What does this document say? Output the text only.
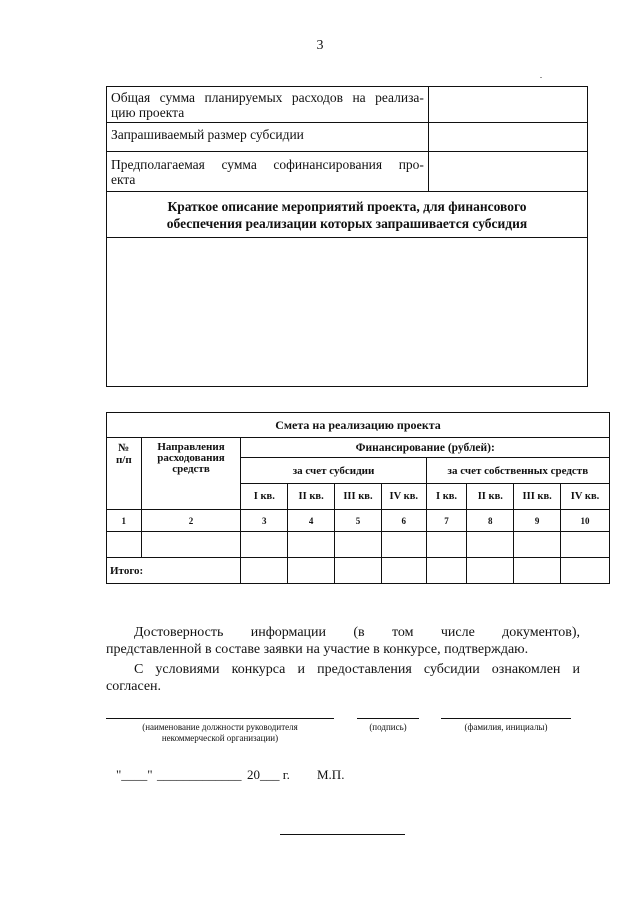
3
Общая сумма планируемых расходов на реализа-
цию проекта	

Запрашиваемый размер субсидии	

Предполагаемая сумма софинансирования про-
екта	

Краткое описание мероприятий проекта, для финансового
обеспечения реализации которых запрашивается субсидия	

Смета на реализацию проекта									
№
п/п	Направления
расходования
средств	Финансирование (рублей):							
		за счет субсидии				за счет собственных средств			
		I кв.	II кв.	III кв.	IV кв.	I кв.	II кв.	III кв.	IV кв.
1	2	3	4	5	6	7	8	9	10

Итого:									
Достоверность информации (в том числе документов),
представленной в составе заявки на участие в конкурсе, подтверждаю.
С условиями конкурса и предоставления субсидии ознакомлен и
согласен.
(наименование должности руководителя
некоммерческой организации)
(подпись)	(фамилия, инициалы)
"____" _____________ 20___ г. М.П.
